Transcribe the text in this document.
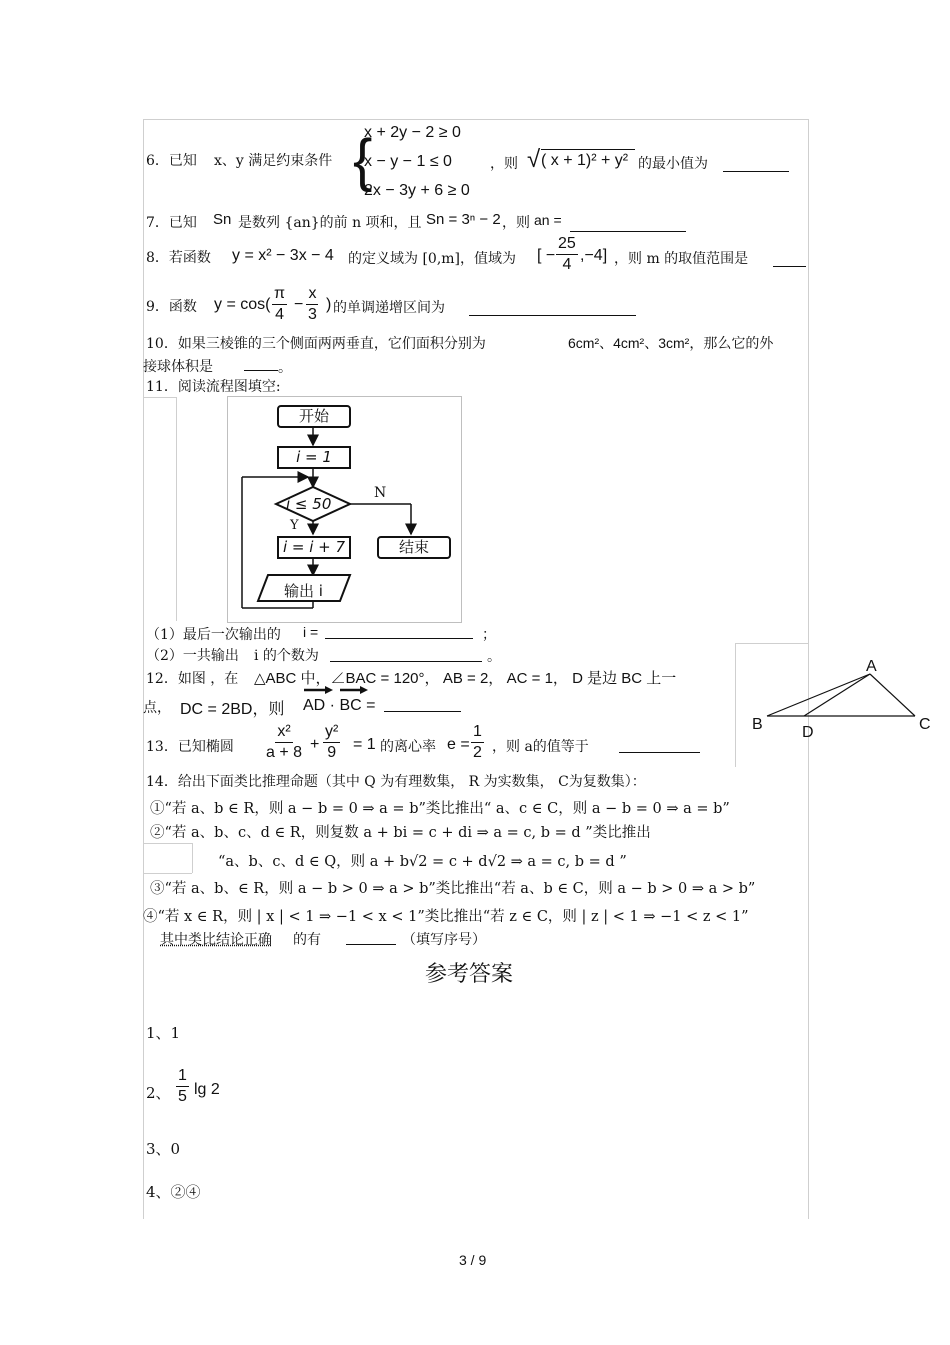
6．已知 x、y 满足约束条件 {
x + 2y − 2 ≥ 0
x − y − 1 ≤ 0
2x − 3y + 6 ≥ 0
，则 √ ( x + 1)² + y² 的最小值为
7．已知 Sn 是数列 {an}的前 n 项和，且 Sn = 3ⁿ − 2 ，则 an =
8．若函数 y = x² − 3x − 4 的定义域为 [0,m]，值域为 [ − $\frac{25}{4} ,-4$] ，则 m 的取值范围是
9．函数 $y = \cos( \frac{\pi}{4} - \frac{x}{3}$ ) 的单调递增区间为
10．如果三棱锥的三个侧面两两垂直，它们面积分别为	6cm²、4cm²、3cm²，那么它的外
接球体积是	。
11．阅读流程图填空:
开始
i = 1
i ≤ 50
N
Y
i = i + 7	结束
输出 i
（1）最后一次输出的 i =	；
（2）一共输出 i 的个数为	。
12．如图 ，在 △ABC 中，∠BAC = 120°， AB = 2， AC = 1， D 是边 BC 上一
点， DC = 2BD，则 AD · BC =
A
B	C
D
13．已知椭圆 $\frac{\text{x²}}{a + 8} + \frac{\text{y²}}{9} = 1$ 的离心率 $e = \frac{1}{2}$ ，则 a的值等于
14．给出下面类比推理命题（其中 Q 为有理数集， R 为实数集， C为复数集）：
①“若 a、b ∈ R，则 a − b = 0 ⇒ a = b”类比推出“ a、c ∈ C，则 a − b = 0 ⇒ a = b”
②“若 a、b、c、d ∈ R，则复数 a + bi = c + di ⇒ a = c, b = d ”类比推出
“a、b、c、d ∈ Q，则 a + b√2 = c + d√2 ⇒ a = c, b = d ”
③“若 a、b、∈ R，则 a − b > 0 ⇒ a > b”类比推出“若 a、b ∈ C，则 a − b > 0 ⇒ a > b”
④“若 x ∈ R，则 | x | < 1 ⇒ −1 < x < 1”类比推出“若 z ∈ C，则 | z | < 1 ⇒ −1 < z < 1”
其中类比结论正确 的有	（填写序号）
参考答案
1、1
2、 $\frac{1}{5}$ lg 2
3、0
4、②④
3 / 9
